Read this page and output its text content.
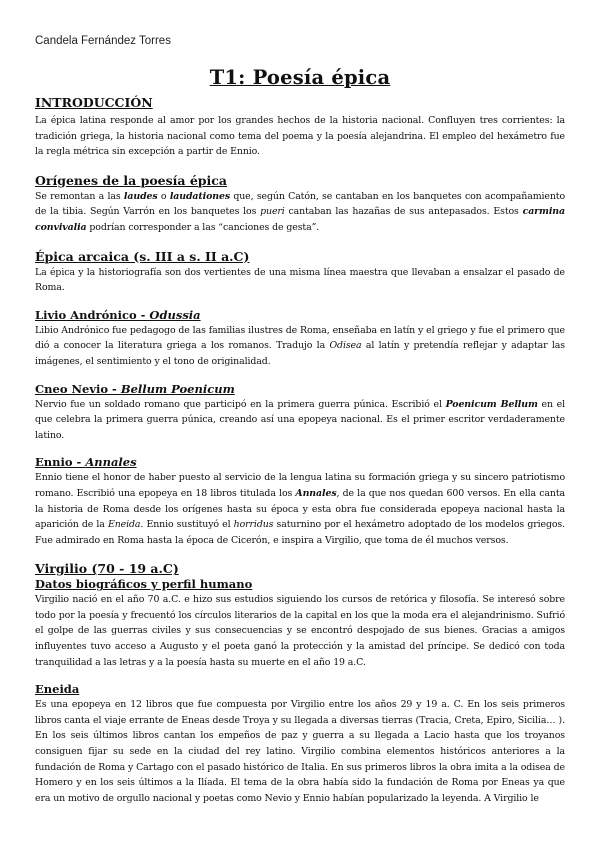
Candela Fernández Torres
T1: Poesía épica
INTRODUCCIÓN

La épica latina responde al amor por los grandes hechos de la historia nacional. Confluyen tres corrientes: la tradición griega, la historia nacional como tema del poema y la poesía alejandrina. El empleo del hexámetro fue la regla métrica sin excepción a partir de Ennio.

Orígenes de la poesía épica

Se remontan a las laudes o laudationes que, según Catón, se cantaban en los banquetes con acompañamiento de la tibia. Según Varrón en los banquetes los pueri cantaban las hazañas de sus antepasados. Estos carmina convivalia podrían corresponder a las “canciones de gesta”.

Épica arcaica (s. III a s. II a.C)

La épica y la historiografía son dos vertientes de una misma línea maestra que llevaban a ensalzar el pasado de Roma.

Livio Andrónico - Odussia

Libio Andrónico fue pedagogo de las familias ilustres de Roma, enseñaba en latín y el griego y fue el primero que dió a conocer la literatura griega a los romanos. Tradujo la Odisea al latín y pretendía reflejar y adaptar las imágenes, el sentimiento y el tono de originalidad.

Cneo Nevio - Bellum Poenicum

Nervio fue un soldado romano que participó en la primera guerra púnica. Escribió el Poenicum Bellum en el que celebra la primera guerra púnica, creando así una epopeya nacional. Es el primer escritor verdaderamente latino.

Ennio - Annales

Ennio tiene el honor de haber puesto al servicio de la lengua latina su formación griega y su sincero patriotismo romano. Escribió una epopeya en 18 libros titulada los Annales, de la que nos quedan 600 versos. En ella canta la historia de Roma desde los orígenes hasta su época y esta obra fue considerada epopeya nacional hasta la aparición de la Eneida. Ennio sustituyó el horridus saturnino por el hexámetro adoptado de los modelos griegos. Fue admirado en Roma hasta la época de Cicerón, e inspira a Virgilio, que toma de él muchos versos.

Virgilio (70 - 19 a.C)
Datos biográficos y perfil humano

Virgilio nació en el año 70 a.C. e hizo sus estudios siguiendo los cursos de retórica y filosofía. Se interesó sobre todo por la poesía y frecuentó los círculos literarios de la capital en los que la moda era el alejandrinismo. Sufrió el golpe de las guerras civiles y sus consecuencias y se encontró despojado de sus bienes. Gracias a amigos influyentes tuvo acceso a Augusto y el poeta ganó la protección y la amistad del príncipe. Se dedicó con toda tranquilidad a las letras y a la poesía hasta su muerte en el año 19 a.C.

Eneida

Es una epopeya en 12 libros que fue compuesta por Virgilio entre los años 29 y 19 a. C. En los seis primeros libros canta el viaje errante de Eneas desde Troya y su llegada a diversas tierras (Tracia, Creta, Epiro, Sicilia… ). En los seis últimos libros cantan los empeños de paz y guerra a su llegada a Lacio hasta que los troyanos consiguen fijar su sede en la ciudad del rey latino. Virgilio combina elementos históricos anteriores a la fundación de Roma y Cartago con el pasado histórico de Italia. En sus primeros libros la obra imita a la odisea de Homero y en los seis últimos a la Ilíada. El tema de la obra había sido la fundación de Roma por Eneas ya que era un motivo de orgullo nacional y poetas como Nevio y Ennio habían popularizado la leyenda. A Virgilio le
